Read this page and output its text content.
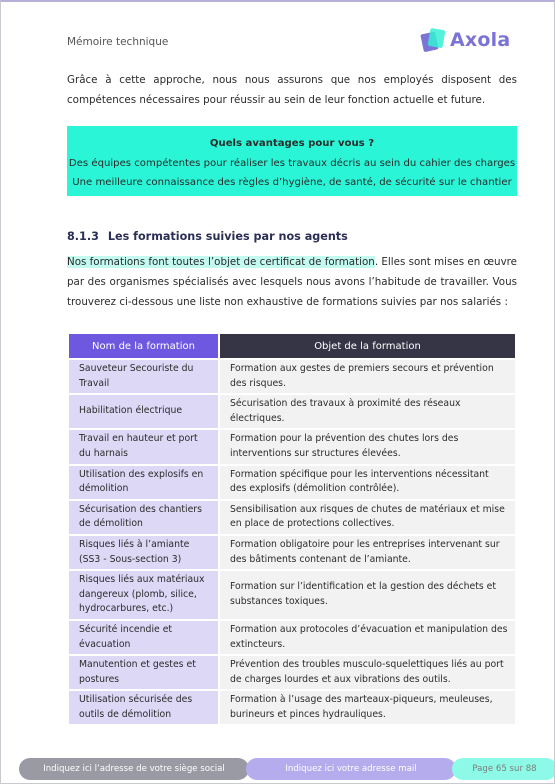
Mémoire technique	Axola
Grâce à cette approche, nous nous assurons que nos employés disposent des compétences nécessaires pour réussir au sein de leur fonction actuelle et future.
Quels avantages pour vous ?
Des équipes compétentes pour réaliser les travaux décris au sein du cahier des charges
Une meilleure connaissance des règles d’hygiène, de santé, de sécurité sur le chantier
8.1.3 Les formations suivies par nos agents
Nos formations font toutes l’objet de certificat de formation. Elles sont mises en œuvre par des organismes spécialisés avec lesquels nous avons l’habitude de travailler. Vous trouverez ci-dessous une liste non exhaustive de formations suivies par nos salariés :
Nom de la formation	Objet de la formation
Sauveteur Secouriste du Travail	Formation aux gestes de premiers secours et prévention des risques.
Habilitation électrique	Sécurisation des travaux à proximité des réseaux électriques.
Travail en hauteur et port du harnais	Formation pour la prévention des chutes lors des interventions sur structures élevées.
Utilisation des explosifs en démolition	Formation spécifique pour les interventions nécessitant des explosifs (démolition contrôlée).
Sécurisation des chantiers de démolition	Sensibilisation aux risques de chutes de matériaux et mise en place de protections collectives.
Risques liés à l’amiante (SS3 - Sous-section 3)	Formation obligatoire pour les entreprises intervenant sur des bâtiments contenant de l’amiante.
Risques liés aux matériaux dangereux (plomb, silice, hydrocarbures, etc.)	Formation sur l’identification et la gestion des déchets et substances toxiques.
Sécurité incendie et évacuation	Formation aux protocoles d’évacuation et manipulation des extincteurs.
Manutention et gestes et postures	Prévention des troubles musculo-squelettiques liés au port de charges lourdes et aux vibrations des outils.
Utilisation sécurisée des outils de démolition	Formation à l’usage des marteaux-piqueurs, meuleuses, burineurs et pinces hydrauliques.
Indiquez ici l’adresse de votre siège social	Indiquez ici votre adresse mail	Page 65 sur 88
